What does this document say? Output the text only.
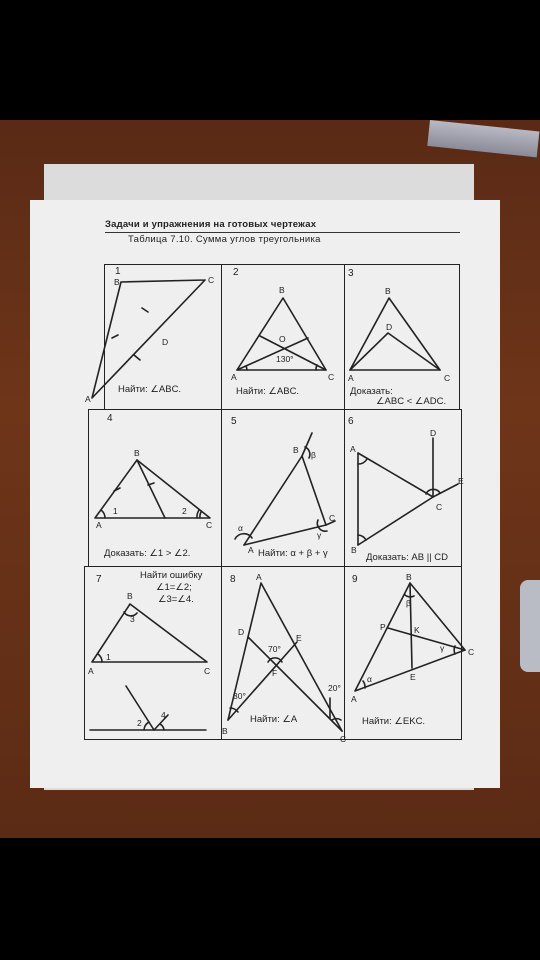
Задачи и упражнения на готовых чертежах
Таблица 7.10. Сумма углов треугольника
1	2	3
4	5	6
7	8	9
Найти: ∠ABC.	Найти: ∠ABC.	Доказать:
∠ABC < ∠ADC.
Доказать: ∠1 > ∠2.	Найти: α + β + γ	Доказать: AB || CD
Найти ошибку
∠1=∠2;
∠3=∠4.
Найти: ∠A	Найти: ∠EKC.
B	C
D
A
B
O
130°
A	C
B
D
A	C
B
A
1	2
C
B β
C
γ
α
A
A
D
E
C
B
B
3
1
A	C
2
4
A
D
E
70°
F
30°
20°
B
C
B
β
P	K
γ	C
E
α
A
